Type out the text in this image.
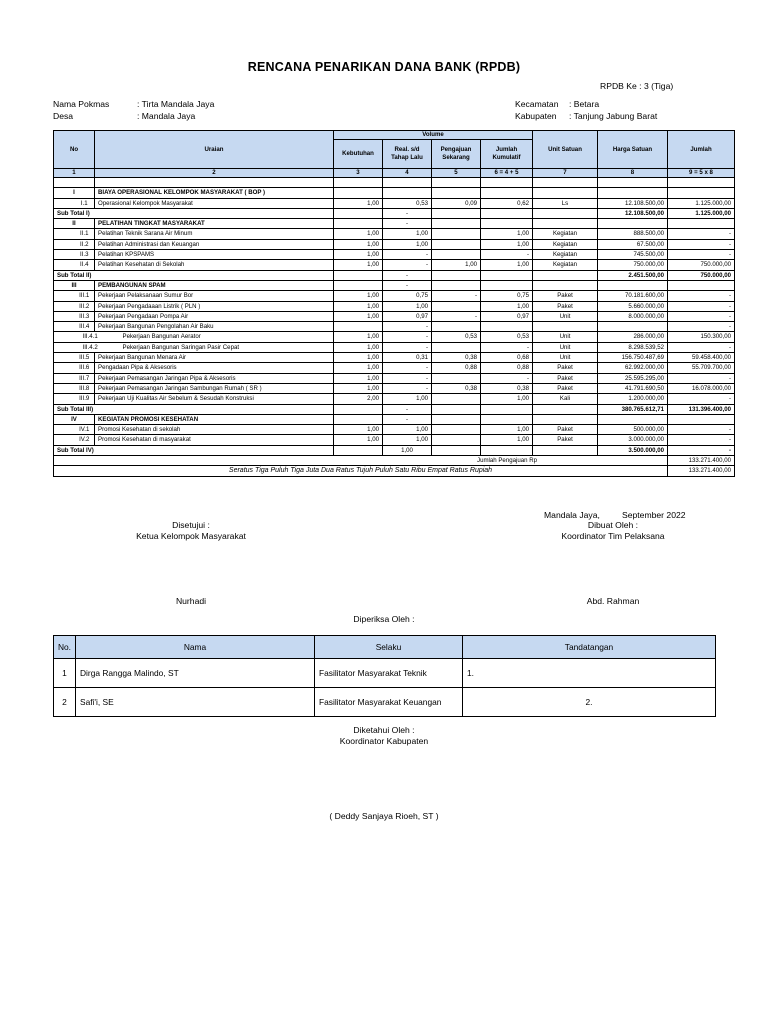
RENCANA PENARIKAN DANA BANK (RPDB)
RPDB Ke : 3 (Tiga)
Nama Pokmas	: Tirta Mandala Jaya
Desa	: Mandala Jaya
Kecamatan : Betara
Kabupaten : Tanjung Jabung Barat
No		Uraian	Volume				Unit Satuan	Harga Satuan	Jumlah
			Kebutuhan	Real. s/d Tahap Lalu	Pengajuan Sekarang	Jumlah Kumulatif			

1		2	3	4	5	6 = 4 + 5	7	8	9 = 5 x 8

I		BIAYA OPERASIONAL KELOMPOK MASYARAKAT ( BOP )							
	I.1	Operasional Kelompok Masyarakat	1,00	0,53	0,09	0,62	Ls	12.108.500,00	1.125.000,00
Sub Total I)				-				12.108.500,00	1.125.000,00
II		PELATIHAN TINGKAT MASYARAKAT		-					
	II.1	Pelatihan Teknik Sarana Air Minum	1,00	1,00		1,00	Kegiatan	888.500,00	-
	II.2	Pelatihan Administrasi dan Keuangan	1,00	1,00		1,00	Kegiatan	67.500,00	-
	II.3	Pelatihan KPSPAMS	1,00	-		-	Kegiatan	745.500,00	-
	II.4	Pelatihan Kesehatan di Sekolah	1,00	-	1,00	1,00	Kegiatan	750.000,00	750.000,00
Sub Total II)				-				2.451.500,00	750.000,00
III		PEMBANGUNAN SPAM		-					
	III.1	Pekerjaan Pelaksanaan Sumur Bor	1,00	0,75	-	0,75	Paket	70.181.600,00	-
	III.2	Pekerjaan Pengadaaan Listrik ( PLN )	1,00	1,00		1,00	Paket	5.660.000,00	-
	III.3	Pekerjaan Pengadaan Pompa Air	1,00	0,97	-	0,97	Unit	8.000.000,00	-
	III.4	Pekerjaan Bangunan Pengolahan Air Baku		-					-
	III.4.1 Pekerjaan Bangunan Aerator		1,00	-	0,53	0,53	Unit	286.000,00	150.300,00
	III.4.2 Pekerjaan Bangunan Saringan Pasir Cepat		1,00	-		-	Unit	8.298.539,52	-
	III.5	Pekerjaan Bangunan Menara Air	1,00	0,31	0,38	0,68	Unit	156.750.487,69	59.458.400,00
	III.6	Pengadaan Pipa & Aksesoris	1,00	-	0,88	0,88	Paket	62.992.000,00	55.709.700,00
	III.7	Pekerjaan Pemasangan Jaringan Pipa & Aksesoris	1,00	-		-	Paket	25.595.295,00	-
	III.8	Pekerjaan Pemasangan Jaringan Sambungan Rumah ( SR )	1,00	-	0,38	0,38	Paket	41.791.690,50	16.078.000,00
	III.9	Pekerjaan Uji Kualitas Air Sebelum & Sesudah Konstruksi	2,00	1,00		1,00	Kali	1.200.000,00	-
Sub Total III)				-				380.765.612,71	131.396.400,00
IV		KEGIATAN PROMOSI KESEHATAN		-					
	IV.1	Promosi Kesehatan di sekolah	1,00	1,00		1,00	Paket	500.000,00	-
	IV.2	Promosi Kesehatan di masyarakat	1,00	1,00		1,00	Paket	3.000.000,00	-
Sub Total IV)				1,00				3.500.000,00	-
Jumlah Pengajuan Rp									133.271.400,00
Seratus Tiga Puluh Tiga Juta Dua Ratus Tujuh Puluh Satu Ribu Empat Ratus Rupiah									133.271.400,00
Mandala Jaya,	September 2022
Disetujui :
Ketua Kelompok Masyarakat
Dibuat Oleh :
Koordinator Tim Pelaksana
Nurhadi	Abd. Rahman
Diperiksa Oleh :
No.	Nama	Selaku	Tandatangan
1	Dirga Rangga Malindo, ST	Fasilitator Masyarakat Teknik	1.
2	Safi'i, SE	Fasilitator Masyarakat Keuangan	2.
Diketahui Oleh :
Koordinator Kabupaten
( Deddy Sanjaya Rioeh, ST )
